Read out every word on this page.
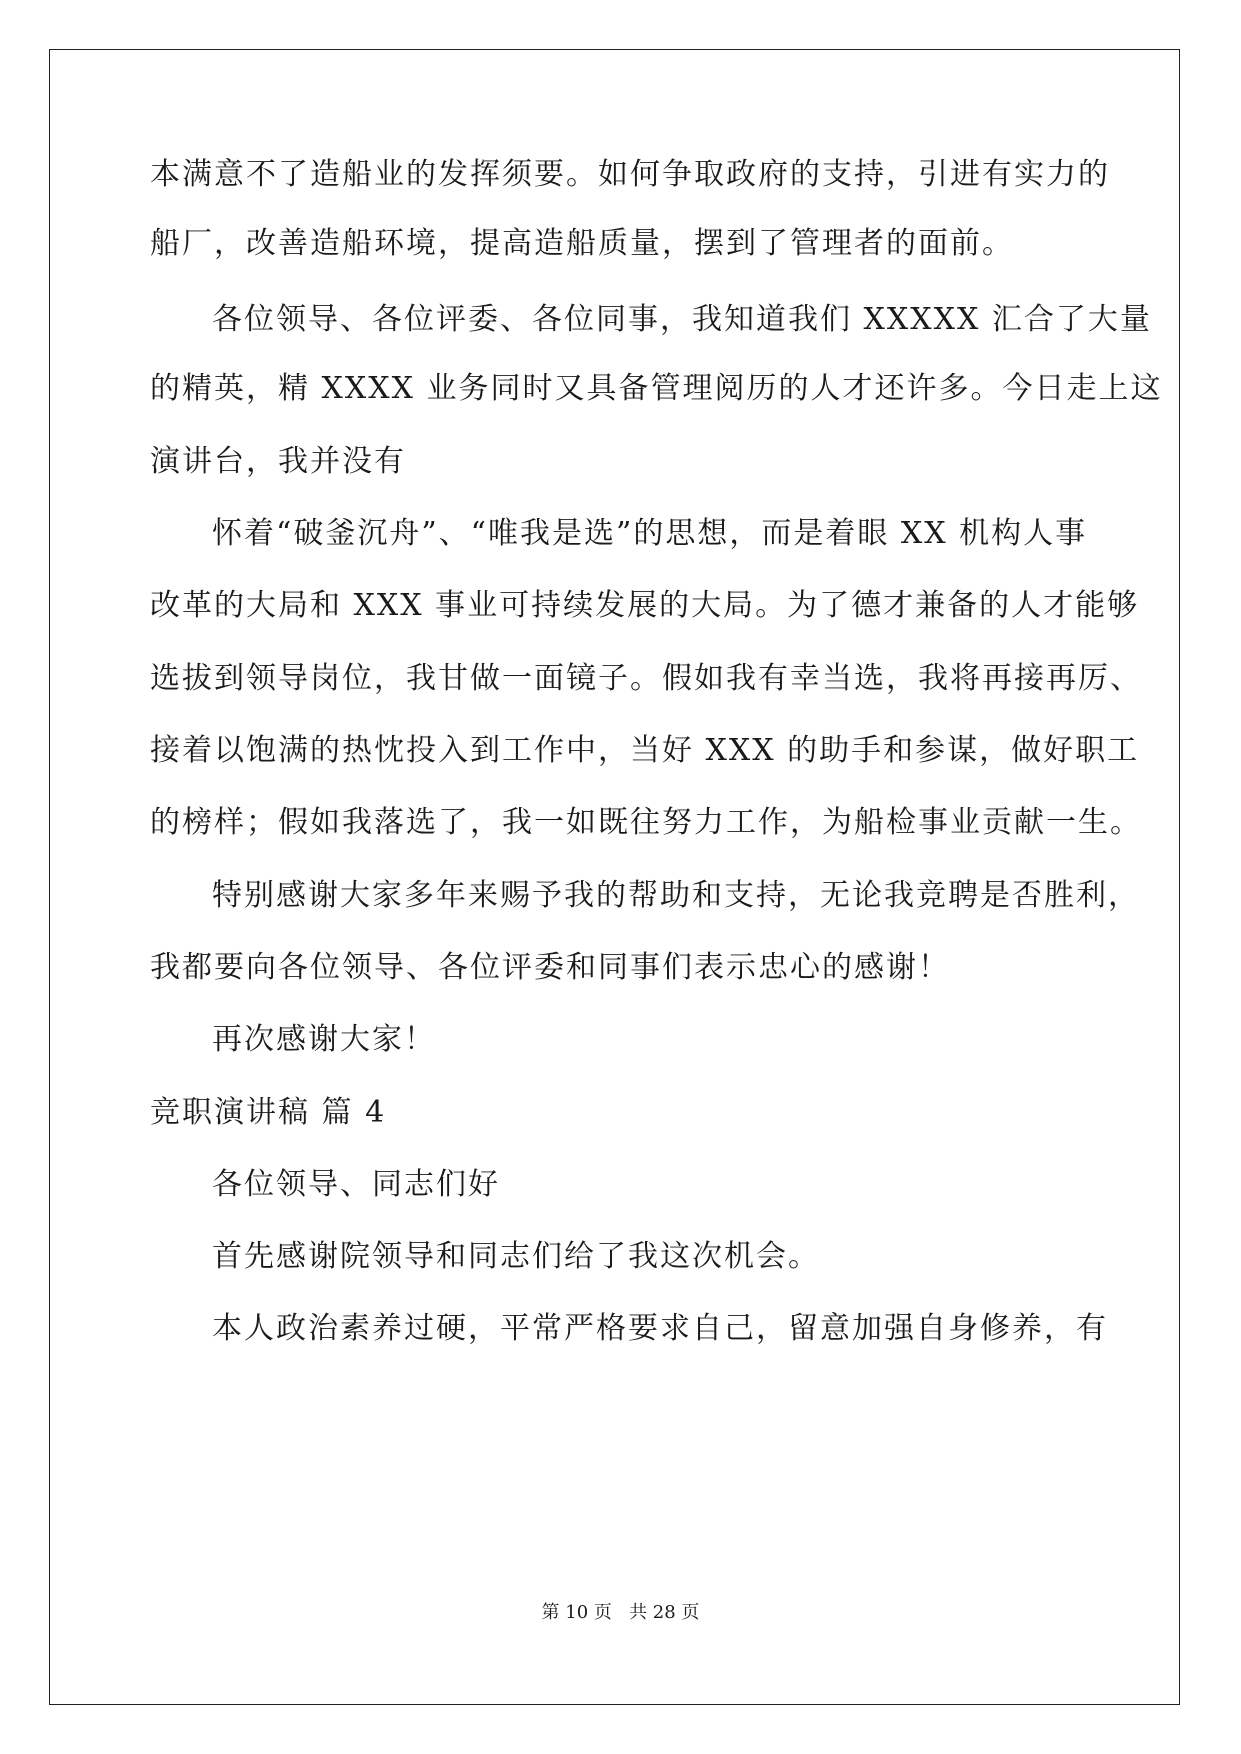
本满意不了造船业的发挥须要。如何争取政府的支持，引进有实力的
船厂，改善造船环境，提高造船质量，摆到了管理者的面前。
各位领导、各位评委、各位同事，我知道我们 XXXXX 汇合了大量
的精英，精 XXXX 业务同时又具备管理阅历的人才还许多。今日走上这
演讲台，我并没有
怀着“破釜沉舟”、“唯我是选”的思想，而是着眼 XX 机构人事
改革的大局和 XXX 事业可持续发展的大局。为了德才兼备的人才能够
选拔到领导岗位，我甘做一面镜子。假如我有幸当选，我将再接再厉、
接着以饱满的热忱投入到工作中，当好 XXX 的助手和参谋，做好职工
的榜样；假如我落选了，我一如既往努力工作，为船检事业贡献一生。
特别感谢大家多年来赐予我的帮助和支持，无论我竞聘是否胜利，
我都要向各位领导、各位评委和同事们表示忠心的感谢！
再次感谢大家！
竞职演讲稿 篇 4
各位领导、同志们好
首先感谢院领导和同志们给了我这次机会。
本人政治素养过硬，平常严格要求自己，留意加强自身修养，有
第 10 页 共 28 页
